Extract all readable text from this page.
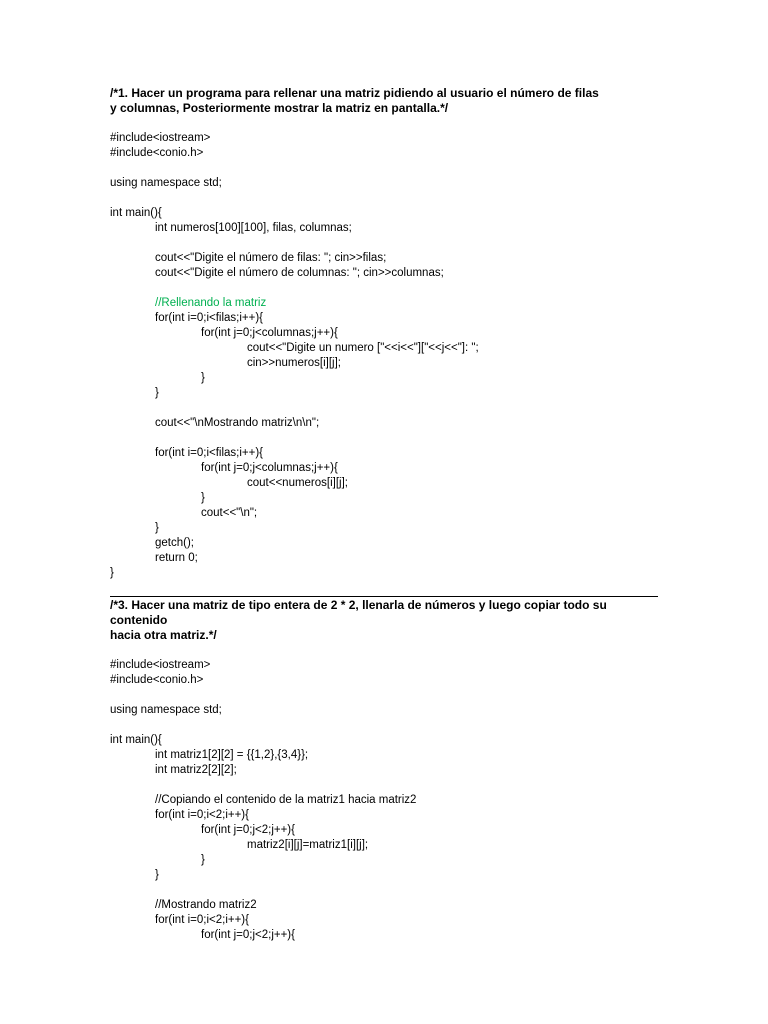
/*1. Hacer un programa para rellenar una matriz pidiendo al usuario el número de filas
y columnas, Posteriormente mostrar la matriz en pantalla.*/
#include<iostream>
#include<conio.h>
using namespace std;
int main(){
int numeros[100][100], filas, columnas;
cout<<"Digite el número de filas: "; cin>>filas;
cout<<"Digite el número de columnas: "; cin>>columnas;
//Rellenando la matriz
for(int i=0;i<filas;i++){
for(int j=0;j<columnas;j++){
cout<<"Digite un numero ["<<i<<"]["<<j<<"]: ";
cin>>numeros[i][j];
}
}
cout<<"\nMostrando matriz\n\n";
for(int i=0;i<filas;i++){
for(int j=0;j<columnas;j++){
cout<<numeros[i][j];
}
cout<<"\n";
}
getch();
return 0;
}
/*3. Hacer una matriz de tipo entera de 2 * 2, llenarla de números y luego copiar todo su contenido
hacia otra matriz.*/
#include<iostream>
#include<conio.h>
using namespace std;
int main(){
int matriz1[2][2] = {{1,2},{3,4}};
int matriz2[2][2];
//Copiando el contenido de la matriz1 hacia matriz2
for(int i=0;i<2;i++){
for(int j=0;j<2;j++){
matriz2[i][j]=matriz1[i][j];
}
}
//Mostrando matriz2
for(int i=0;i<2;i++){
for(int j=0;j<2;j++){
